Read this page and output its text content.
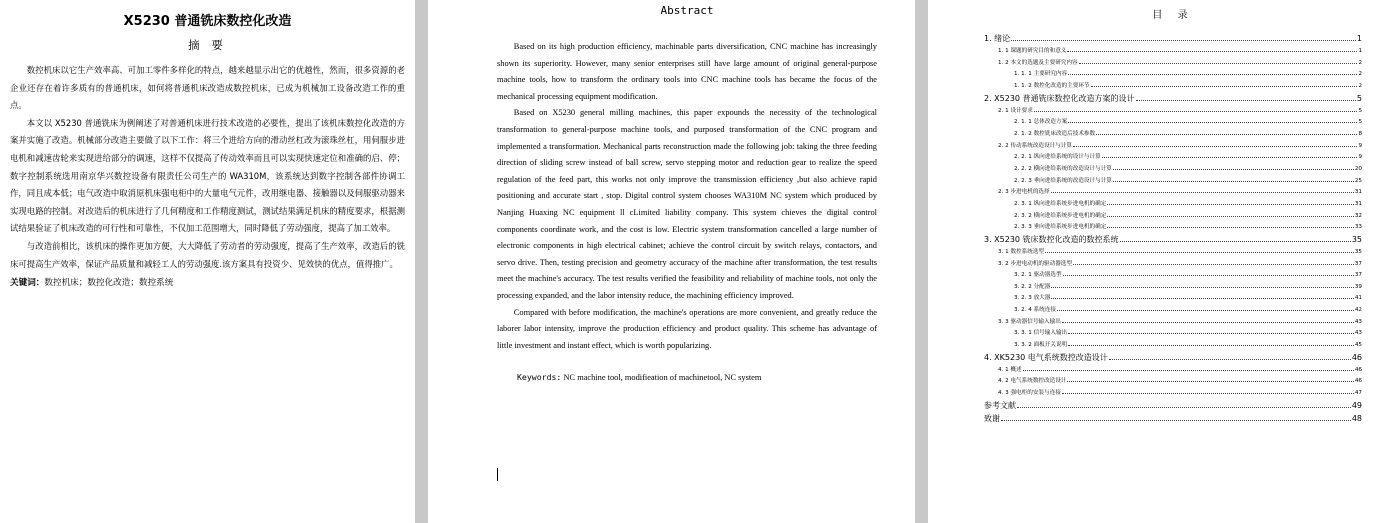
X5230 普通铣床数控化改造
摘 要

数控机床以它生产效率高、可加工零件多样化的特点，越来越显示出它的优越性，然而，很多资源的老企业还存在着许多质有的普通机床，如何将普通机床改造成数控机床，已成为机械加工设备改造工作的重点。

本文以 X5230 普通铣床为例阐述了对普通机床进行技术改造的必要性，提出了该机床数控化改造的方案并实施了改造。机械部分改造主要做了以下工作：将三个进给方向的滑动丝杠改为滚珠丝杠，用伺服步进电机和减速齿轮来实现进给部分的调速，这样不仅提高了传动效率而且可以实现快速定位和准确的启、停；数字控制系统选用南京华兴数控设备有限责任公司生产的 WA310M，该系统达到数字控制各部件协调工作，同且成本低；电气改造中取消原机床强电柜中的大量电气元件，改用继电器、接触器以及伺服驱动器来实现电路的控制。对改造后的机床进行了几何精度和工作精度测试，测试结果满足机床的精度要求，根据测试结果验证了机床改造的可行性和可靠性，不仅加工范围增大，同时降低了劳动强度，提高了加工效率。

与改造前相比，该机床的操作更加方便，大大降低了劳动者的劳动强度，提高了生产效率，改造后的铣床可提高生产效率，保证产品质量和减轻工人的劳动强度.该方案具有投资少、见效快的优点，值得推广。

关键词：数控机床；数控化改造；数控系统

Abstract

Based on its high production efficiency, machinable parts diversification, CNC machine has increasingly shown its superiority. However, many senior enterprises still have large amount of original general-purpose machine tools, how to transform the ordinary tools into CNC machine tools has became the focus of the mechanical processing equipment modification.

Based on X5230 general milling machines, this paper expounds the necessity of the technological transformation to general-purpose machine tools, and purposed transformation of the CNC program and implemented a transformation. Mechanical parts reconstruction made the following job: taking the three feeding direction of sliding screw instead of ball screw, servo stepping motor and reduction gear to realize the speed regulation of the feed part, this works not only improve the transmission efficiency ,but also achieve rapid positioning and accurate start , stop. Digital control system chooses WA310M NC system which produced by Nanjing Huaxing NC equipment ll cLimited liability company. This system chieves the digital control components coordinate work, and the cost is low. Electric system transformation cancelled a large number of electronic components in high electrical cabinet; achieve the control circuit by switch relays, contactors, and servo drive. Then, testing precision and geometry accuracy of the machine after transformation, the test results meet the machine's accuracy. The test results verified the feasibility and reliability of machine tools, not only the processing expanded, and the labor intensity reduce, the machining efficiency improved.

Compared with before modification, the machine's operations are more convenient, and greatly reduce the laborer labor intensity, improve the production efficiency and product quality. This scheme has advantage of little investment and instant effect, which is worth popularizing.

Keywords: NC machine tool, modifieation of machinetool, NC system

目 录
1. 绪论	1
1. 1 课题的研究目的和意义	1
1. 2 本文的选题及主要研究内容	2
1. 1. 1 主要研究内容	2
1. 1. 2 数控化改造的主要环节	2
2. X5230 普通铣床数控化改造方案的设计	5
2. 1 设计要求	5
2. 1. 1 总体改造方案	5
2. 1. 2 数控铣床改造后技术参数	8
2. 2 传动系统改造设计与计算	9
2. 2. 1 纵向进给系统的设计与计算	9
2. 2. 2 横向进给系统的改造设计与计算	20
2. 2. 3 垂向进给系统的改造设计与计算	25
2. 3 步进电机的选择	31
2. 3. 1 纵向进给系统步进电机的确定	31
2. 3. 2 横向进给系统步进电机的确定	32
2. 3. 3 垂向进给系统步进电机的确定	33
3. X5230 铣床数控化改造的数控系统	35
3. 1 数控系统选型	35
3. 2 步进电动机的驱动器选型	37
3. 2. 1 驱动器选型	37
3. 2. 2 分配器	39
3. 2. 3 放大器	41
3. 2. 4 系统连接	42
3. 3 驱动器信号输入输出	43
3. 3. 1 信号输入输出	43
3. 3. 2 面板开关说明	45
4. XK5230 电气系统数控改造设计	46
4. 1 概述	46
4. 2 电气系统数控改造设计	46
4. 3 强电柜的安装与连接	47
参考文献	49
致谢	48
